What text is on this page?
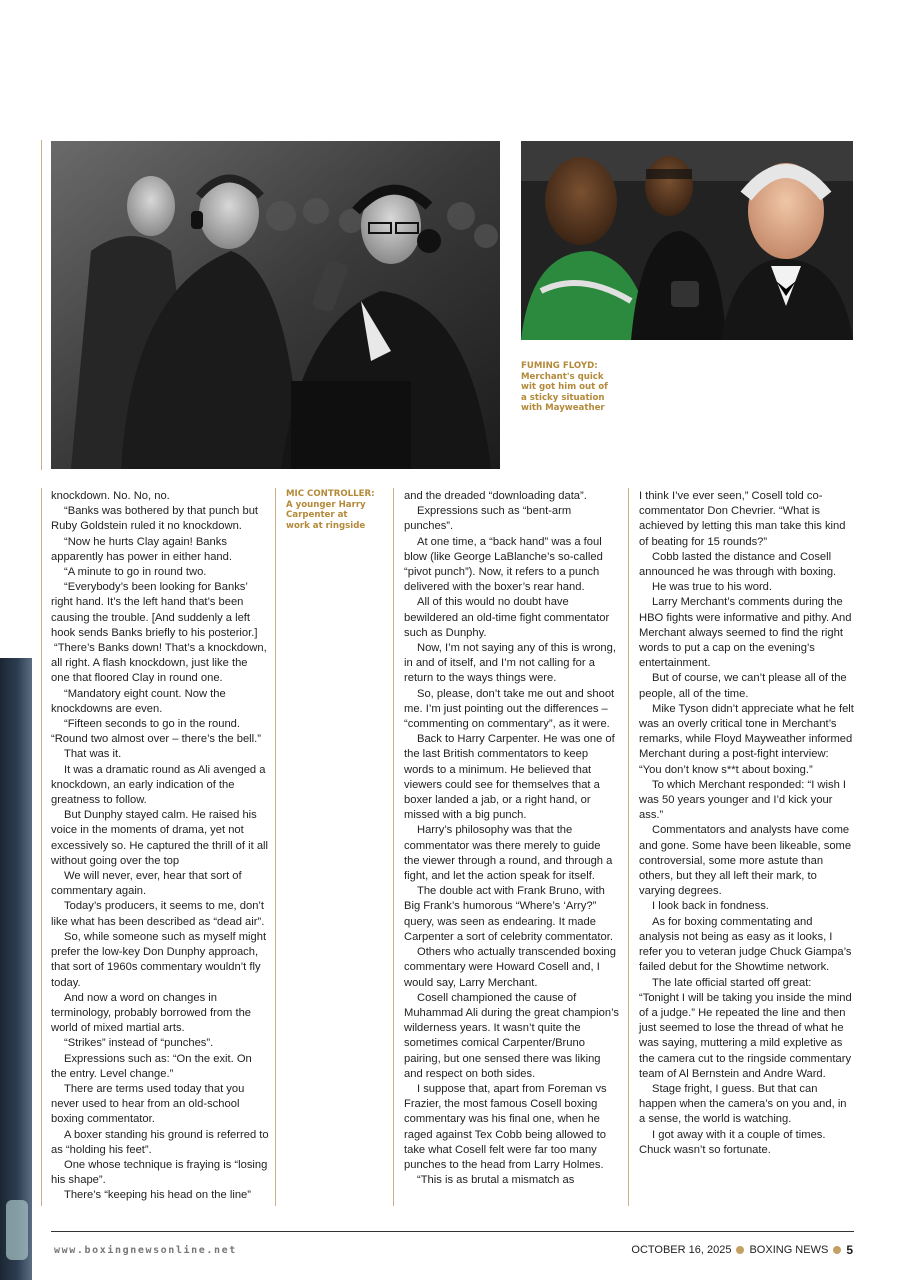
FUMING FLOYD:
Merchant's quick
wit got him out of
a sticky situation
with Mayweather
MIC CONTROLLER:
A younger Harry
Carpenter at
work at ringside

knockdown. No. No, no.

“Banks was bothered by that punch but Ruby Goldstein ruled it no knockdown.

“Now he hurts Clay again! Banks apparently has power in either hand.

“A minute to go in round two.

“Everybody’s been looking for Banks’ right hand. It’s the left hand that’s been causing the trouble. [And suddenly a left hook sends Banks briefly to his posterior.]

“There’s Banks down! That’s a knockdown, all right. A flash knockdown, just like the one that floored Clay in round one.

“Mandatory eight count. Now the knockdowns are even.

“Fifteen seconds to go in the round. “Round two almost over – there’s the bell.”

That was it.

It was a dramatic round as Ali avenged a knockdown, an early indication of the greatness to follow.

But Dunphy stayed calm. He raised his voice in the moments of drama, yet not excessively so. He captured the thrill of it all without going over the top

We will never, ever, hear that sort of commentary again.

Today’s producers, it seems to me, don’t like what has been described as “dead air”.

So, while someone such as myself might prefer the low-key Don Dunphy approach, that sort of 1960s commentary wouldn’t fly today.

And now a word on changes in terminology, probably borrowed from the world of mixed martial arts.

“Strikes” instead of “punches”.

Expressions such as: “On the exit. On the entry. Level change.”

There are terms used today that you never used to hear from an old-school boxing commentator.

A boxer standing his ground is referred to as “holding his feet”.

One whose technique is fraying is “losing his shape”.

There’s “keeping his head on the line”

and the dreaded “downloading data”.

Expressions such as “bent-arm punches”.

At one time, a “back hand” was a foul blow (like George LaBlanche’s so-called “pivot punch”). Now, it refers to a punch delivered with the boxer’s rear hand.

All of this would no doubt have bewildered an old-time fight commentator such as Dunphy.

Now, I’m not saying any of this is wrong, in and of itself, and I’m not calling for a return to the ways things were.

So, please, don’t take me out and shoot me. I’m just pointing out the differences – “commenting on commentary”, as it were.

Back to Harry Carpenter. He was one of the last British commentators to keep words to a minimum. He believed that viewers could see for themselves that a boxer landed a jab, or a right hand, or missed with a big punch.

Harry’s philosophy was that the commentator was there merely to guide the viewer through a round, and through a fight, and let the action speak for itself.

The double act with Frank Bruno, with Big Frank’s humorous “Where’s ‘Arry?” query, was seen as endearing. It made Carpenter a sort of celebrity commentator.

Others who actually transcended boxing commentary were Howard Cosell and, I would say, Larry Merchant.

Cosell championed the cause of Muhammad Ali during the great champion’s wilderness years. It wasn’t quite the sometimes comical Carpenter/Bruno pairing, but one sensed there was liking and respect on both sides.

I suppose that, apart from Foreman vs Frazier, the most famous Cosell boxing commentary was his final one, when he raged against Tex Cobb being allowed to take what Cosell felt were far too many punches to the head from Larry Holmes.

“This is as brutal a mismatch as

I think I’ve ever seen,” Cosell told co-commentator Don Chevrier. “What is achieved by letting this man take this kind of beating for 15 rounds?”

Cobb lasted the distance and Cosell announced he was through with boxing.

He was true to his word.

Larry Merchant’s comments during the HBO fights were informative and pithy. And Merchant always seemed to find the right words to put a cap on the evening’s entertainment.

But of course, we can’t please all of the people, all of the time.

Mike Tyson didn’t appreciate what he felt was an overly critical tone in Merchant’s remarks, while Floyd Mayweather informed Merchant during a post-fight interview: “You don’t know s**t about boxing.”

To which Merchant responded: “I wish I was 50 years younger and I’d kick your ass.”

Commentators and analysts have come and gone. Some have been likeable, some controversial, some more astute than others, but they all left their mark, to varying degrees.

I look back in fondness.

As for boxing commentating and analysis not being as easy as it looks, I refer you to veteran judge Chuck Giampa’s failed debut for the Showtime network.

The late official started off great: “Tonight I will be taking you inside the mind of a judge.” He repeated the line and then just seemed to lose the thread of what he was saying, muttering a mild expletive as the camera cut to the ringside commentary team of Al Bernstein and Andre Ward.

Stage fright, I guess. But that can happen when the camera’s on you and, in a sense, the world is watching.

I got away with it a couple of times. Chuck wasn’t so fortunate.

www.boxingnewsonline.net	OCTOBER 16, 2025 BOXING NEWS 5
